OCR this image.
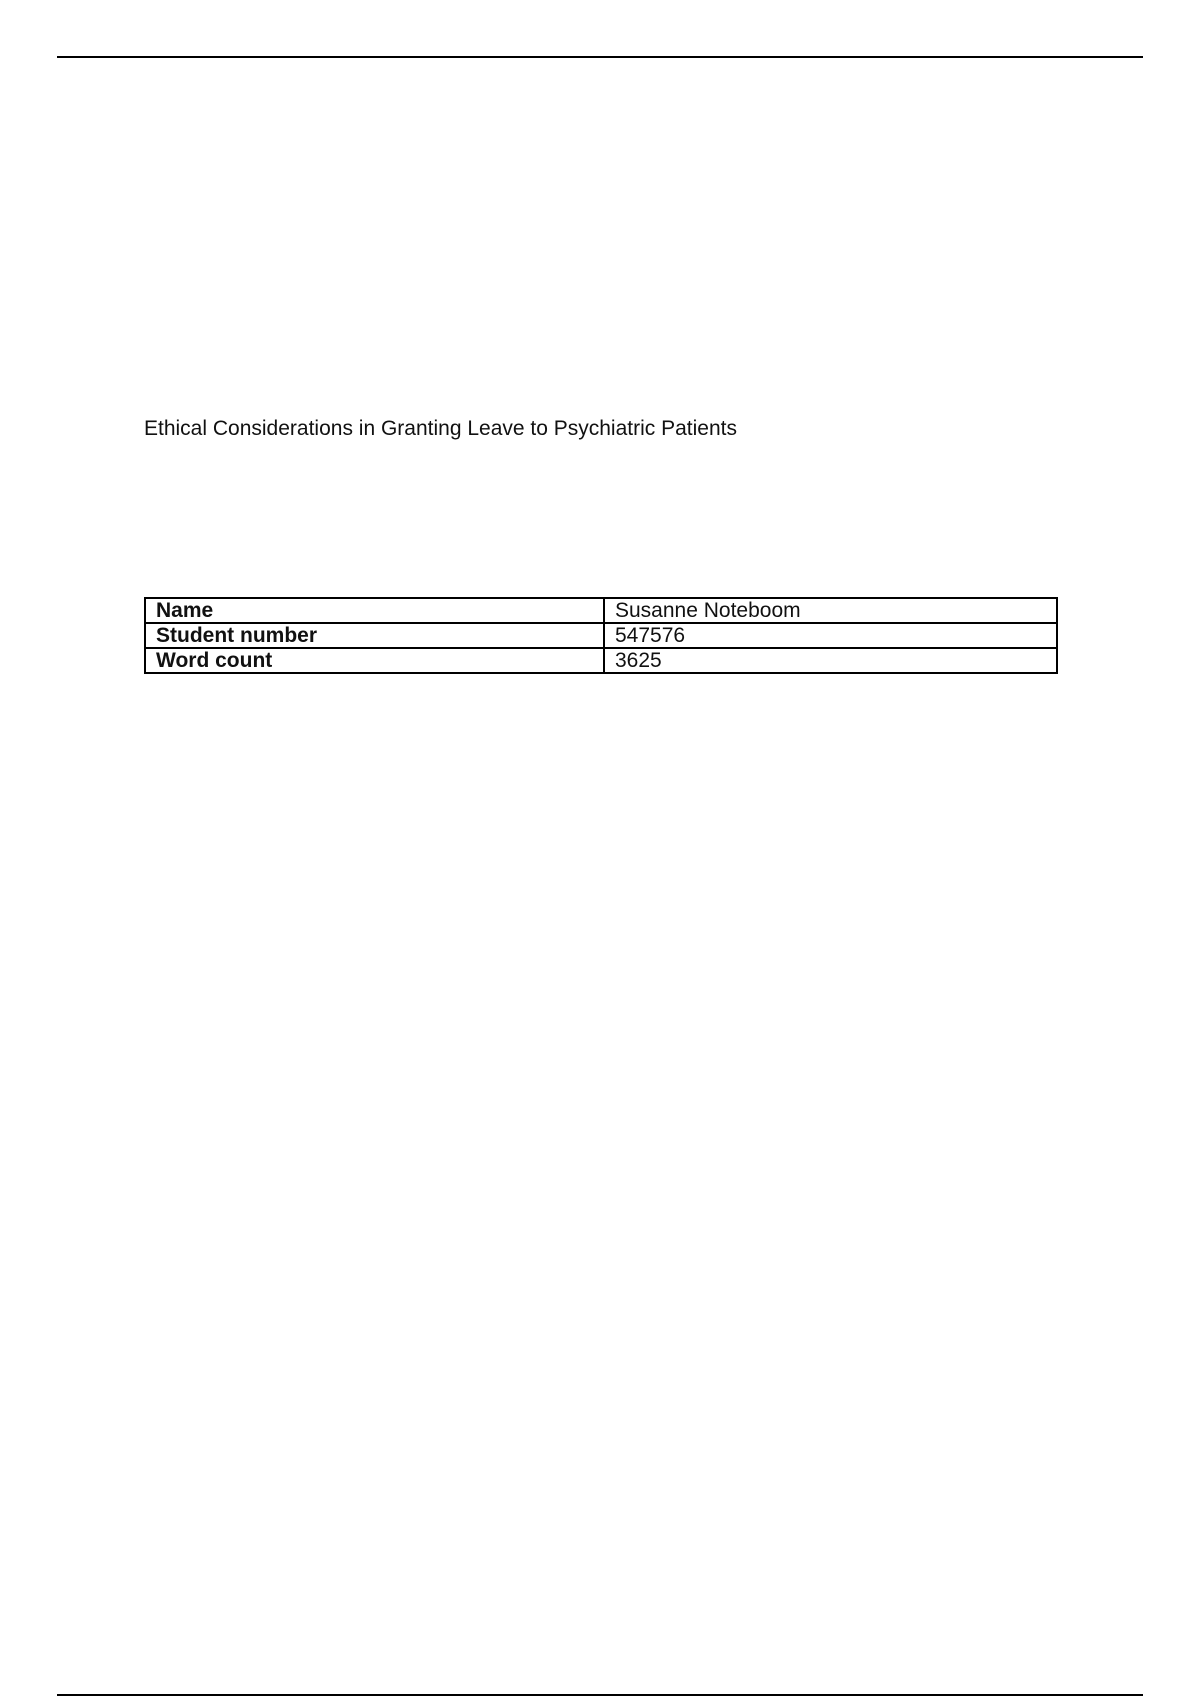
Ethical Considerations in Granting Leave to Psychiatric Patients
Name	Susanne Noteboom
Student number	547576
Word count	3625
